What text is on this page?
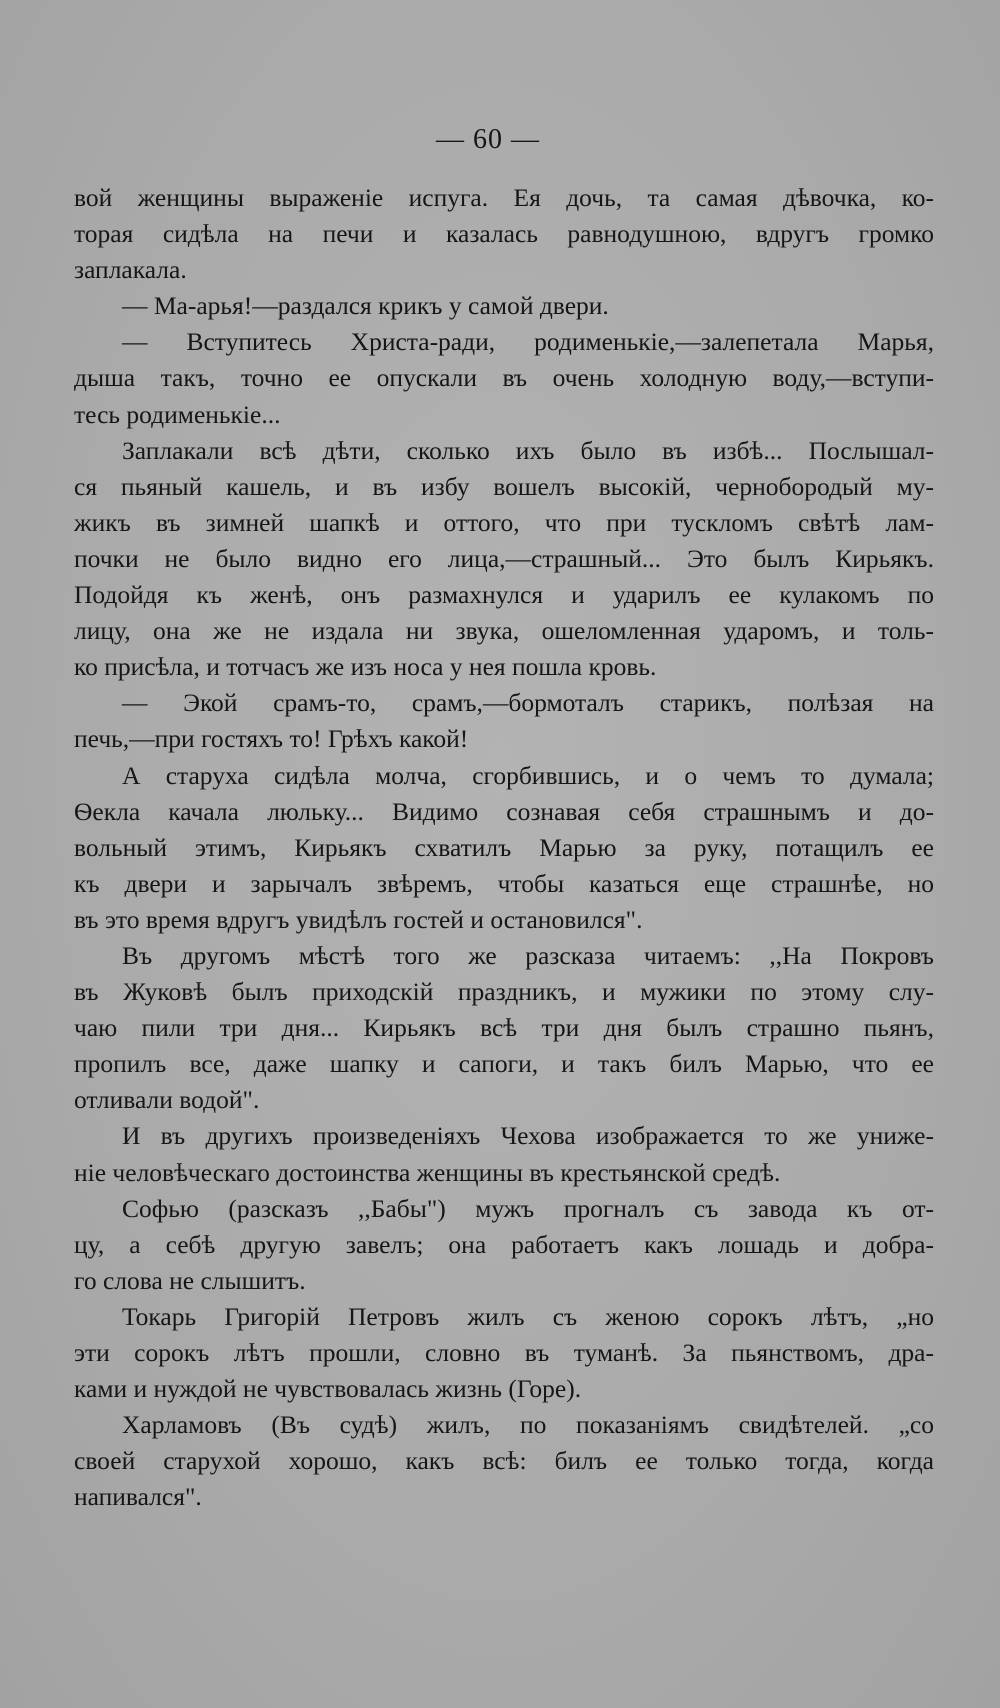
— 60 —
вой женщины выраженіе испуга. Ея дочь, та самая дѣвочка, ко-
торая сидѣла на печи и казалась равнодушною, вдругъ громко
заплакала.
— Ма-арья!—раздался крикъ у самой двери.
— Вступитесь Христа-ради, родименькіе,—залепетала Марья,
дыша такъ, точно ее опускали въ очень холодную воду,—вступи-
тесь родименькіе...
Заплакали всѣ дѣти, сколько ихъ было въ избѣ... Послышал-
ся пьяный кашель, и въ избу вошелъ высокій, чернобородый му-
жикъ въ зимней шапкѣ и оттого, что при тускломъ свѣтѣ лам-
почки не было видно его лица,—страшный... Это былъ Кирьякъ.
Подойдя къ женѣ, онъ размахнулся и ударилъ ее кулакомъ по
лицу, она же не издала ни звука, ошеломленная ударомъ, и толь-
ко присѣла, и тотчасъ же изъ носа у нея пошла кровь.
— Экой срамъ-то, срамъ,—бормоталъ старикъ, полѣзая на
печь,—при гостяхъ то! Грѣхъ какой!
А старуха сидѣла молча, сгорбившись, и о чемъ то думала;
Ѳекла качала люльку... Видимо сознавая себя страшнымъ и до-
вольный этимъ, Кирьякъ схватилъ Марью за руку, потащилъ ее
къ двери и зарычалъ звѣремъ, чтобы казаться еще страшнѣе, но
въ это время вдругъ увидѣлъ гостей и остановился".
Въ другомъ мѣстѣ того же разсказа читаемъ: ,,На Покровъ
въ Жуковѣ былъ приходскій праздникъ, и мужики по этому слу-
чаю пили три дня... Кирьякъ всѣ три дня былъ страшно пьянъ,
пропилъ все, даже шапку и сапоги, и такъ билъ Марью, что ее
отливали водой".
И въ другихъ произведеніяхъ Чехова изображается то же униже-
ніе человѣческаго достоинства женщины въ крестьянской средѣ.
Софью (разсказъ ,,Бабы") мужъ прогналъ съ завода къ от-
цу, а себѣ другую завелъ; она работаетъ какъ лошадь и добра-
го слова не слышитъ.
Токарь Григорій Петровъ жилъ съ женою сорокъ лѣтъ, „но
эти сорокъ лѣтъ прошли, словно въ туманѣ. За пьянствомъ, дра-
ками и нуждой не чувствовалась жизнь (Горе).
Харламовъ (Въ судѣ) жилъ, по показаніямъ свидѣтелей. „со
своей старухой хорошо, какъ всѣ: билъ ее только тогда, когда
напивался".
